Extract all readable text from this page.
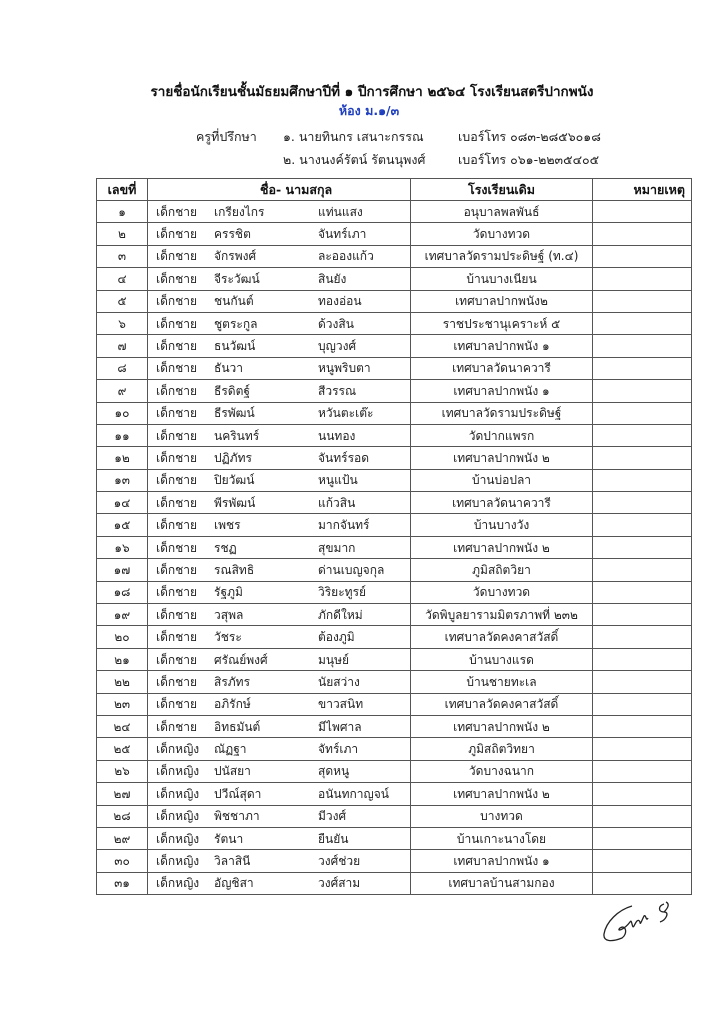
รายชื่อนักเรียนชั้นมัธยมศึกษาปีที่ ๑ ปีการศึกษา ๒๕๖๔ โรงเรียนสตรีปากพนัง
ห้อง ม.๑/๓
ครูที่ปรึกษา ๑. นายทินกร เสนาะกรรณ	เบอร์โทร ๐๘๓-๒๘๕๖๐๑๘
๒. นางนงค์รัตน์ รัตนนุพงศ์	เบอร์โทร ๐๖๑-๒๒๓๕๔๐๕
เลขที่	ชื่อ- นามสกุล	โรงเรียนเดิม	หมายเหตุ
๑	เด็กชาย เกรียงไกร แท่นแสง	อนุบาลพลพันธ์	
๒	เด็กชาย ครรชิต จันทร์เภา	วัดบางทวด	
๓	เด็กชาย จักรพงศ์ ละอองแก้ว	เทศบาลวัดรามประดิษฐ์ (ท.๔)	
๔	เด็กชาย จีระวัฒน์ สินยัง	บ้านบางเนียน	
๕	เด็กชาย ชนกันต์ ทองอ่อน	เทศบาลปากพนัง๒	
๖	เด็กชาย ชูตระกูล ด้วงสิน	ราชประชานุเคราะห์ ๕	
๗	เด็กชาย ธนวัฒน์ บุญวงศ์	เทศบาลปากพนัง ๑	
๘	เด็กชาย ธันวา หนูพริบตา	เทศบาลวัดนาควารี	
๙	เด็กชาย ธีรดิตฐ์ สีวรรณ	เทศบาลปากพนัง ๑	
๑๐	เด็กชาย ธีรพัฒน์ หวันตะเต๊ะ	เทศบาลวัดรามประดิษฐ์	
๑๑	เด็กชาย นครินทร์ นนทอง	วัดปากแพรก	
๑๒	เด็กชาย ปฏิภัทร จันทร์รอด	เทศบาลปากพนัง ๒	
๑๓	เด็กชาย ปิยวัฒน์ หนูแป้น	บ้านบ่อปลา	
๑๔	เด็กชาย พีรพัฒน์ แก้วสิน	เทศบาลวัดนาควารี	
๑๕	เด็กชาย เพชร มากจันทร์	บ้านบางวัง	
๑๖	เด็กชาย รชฏ สุขมาก	เทศบาลปากพนัง ๒	
๑๗	เด็กชาย รณสิทธิ ด่านเบญจกุล	ภูมิสถิตวิยา	
๑๘	เด็กชาย รัฐภูมิ วิริยะทูรย์	วัดบางทวด	
๑๙	เด็กชาย วสุพล ภักดีใหม่	วัดพิบูลยารามมิตรภาพที่ ๒๓๒	
๒๐	เด็กชาย วัชระ ต้องภูมิ	เทศบาลวัดคงคาสวัสดิ์	
๒๑	เด็กชาย ศรัณย์พงศ์ มนุษย์	บ้านบางแรด	
๒๒	เด็กชาย สิรภัทร นัยสว่าง	บ้านชายทะเล	
๒๓	เด็กชาย อภิรักษ์ ขาวสนิท	เทศบาลวัดคงคาสวัสดิ์	
๒๔	เด็กชาย อิทธมันต์ มีไพศาล	เทศบาลปากพนัง ๒	
๒๕	เด็กหญิง ณัฏฐา จัทร์เภา	ภูมิสถิตวิทยา	
๒๖	เด็กหญิง ปนัสยา สุดหนู	วัดบางฉนาก	
๒๗	เด็กหญิง ปวีณ์สุดา อนันทกาญจน์	เทศบาลปากพนัง ๒	
๒๘	เด็กหญิง พิชชาภา มีวงศ์	บางทวด	
๒๙	เด็กหญิง รัตนา ยืนยัน	บ้านเกาะนางโดย	
๓๐	เด็กหญิง วิลาสินี วงศ์ช่วย	เทศบาลปากพนัง ๑	
๓๑	เด็กหญิง อัญชิสา วงศ์สาม	เทศบาลบ้านสามกอง	
